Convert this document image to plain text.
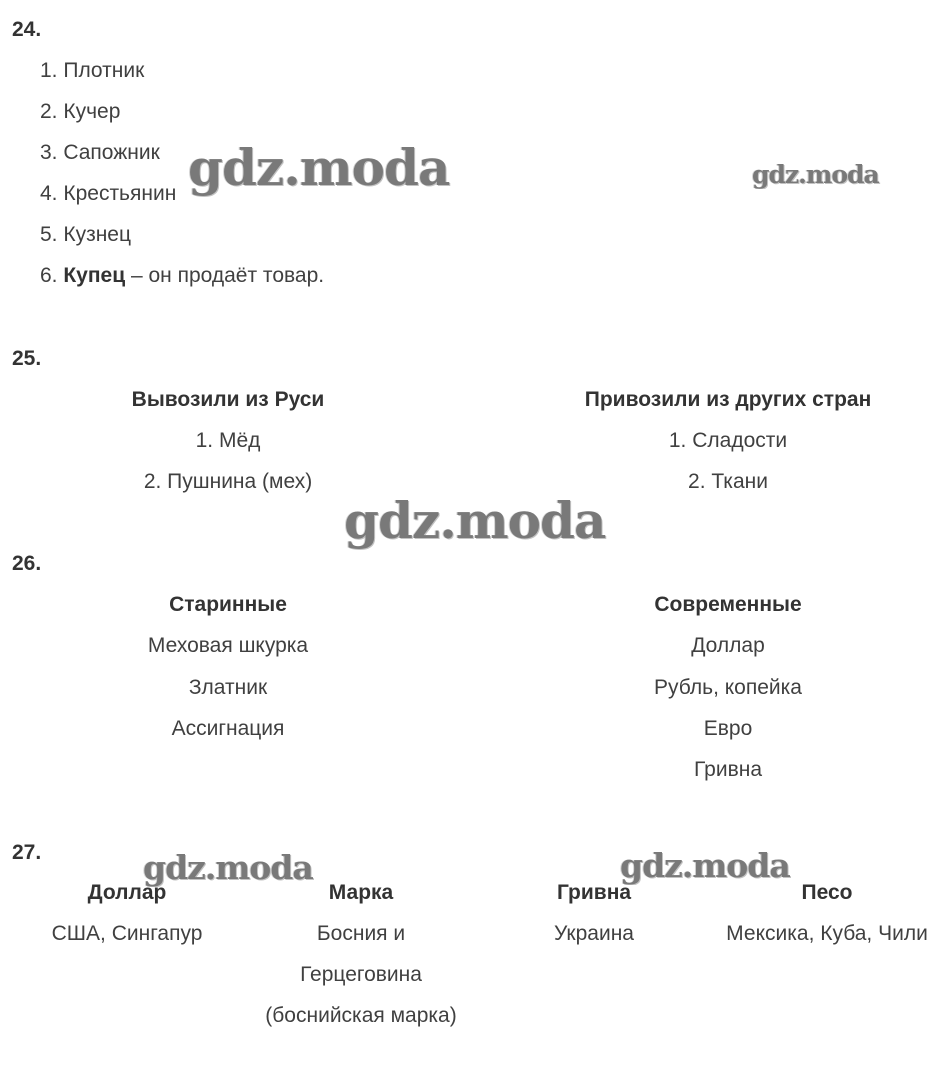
24.
1. Плотник
2. Кучер
3. Сапожник
4. Крестьянин
5. Кузнец
6. Купец – он продаёт товар.
25.
Вывозили из Руси
1. Мёд
2. Пушнина (мех)
Привозили из других стран
1. Сладости
2. Ткани
26.
Старинные
Меховая шкурка
Златник
Ассигнация
Современные
Доллар
Рубль, копейка
Евро
Гривна
27.
Доллар
США, Сингапур
Марка
Босния и
Герцеговина
(боснийская марка)
Гривна
Украина
Песо
Мексика, Куба, Чили
gdz.moda	gdz.moda
gdz.moda
gdz.moda	gdz.moda
